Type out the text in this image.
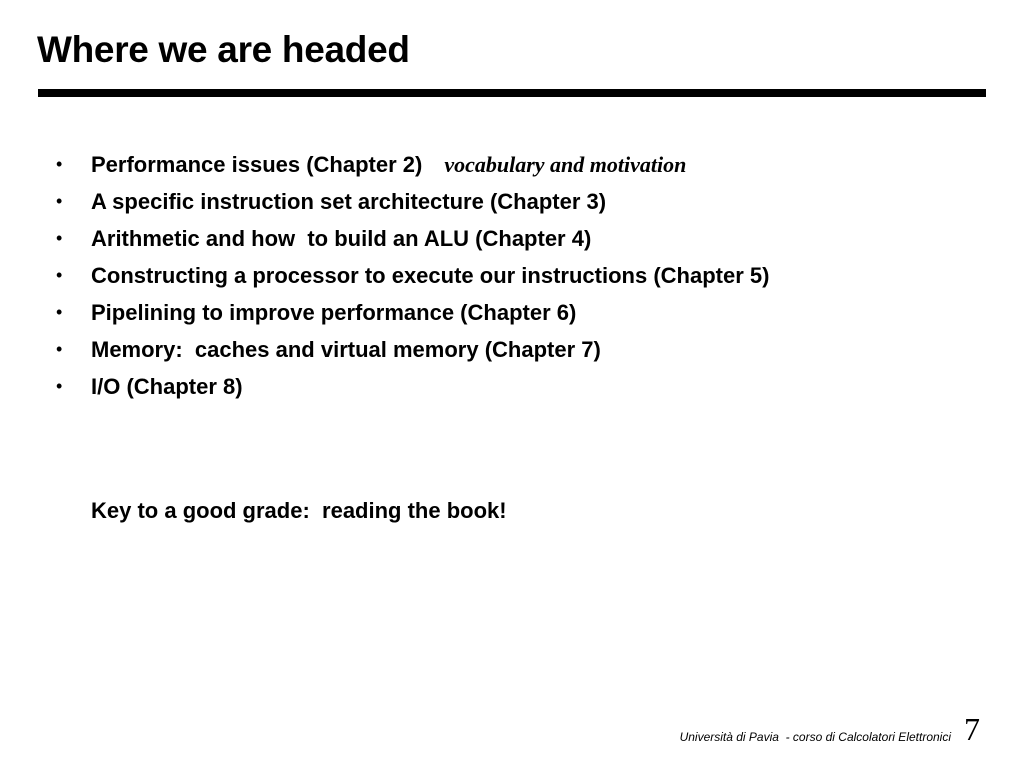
Where we are headed
• Performance issues (Chapter 2) vocabulary and motivation
• A specific instruction set architecture (Chapter 3)
• Arithmetic and how  to build an ALU (Chapter 4)
• Constructing a processor to execute our instructions (Chapter 5)
• Pipelining to improve performance (Chapter 6)
• Memory:  caches and virtual memory (Chapter 7)
• I/O (Chapter 8)

Key to a good grade:  reading the book!

Università di Pavia  - corso di Calcolatori Elettronici 7
